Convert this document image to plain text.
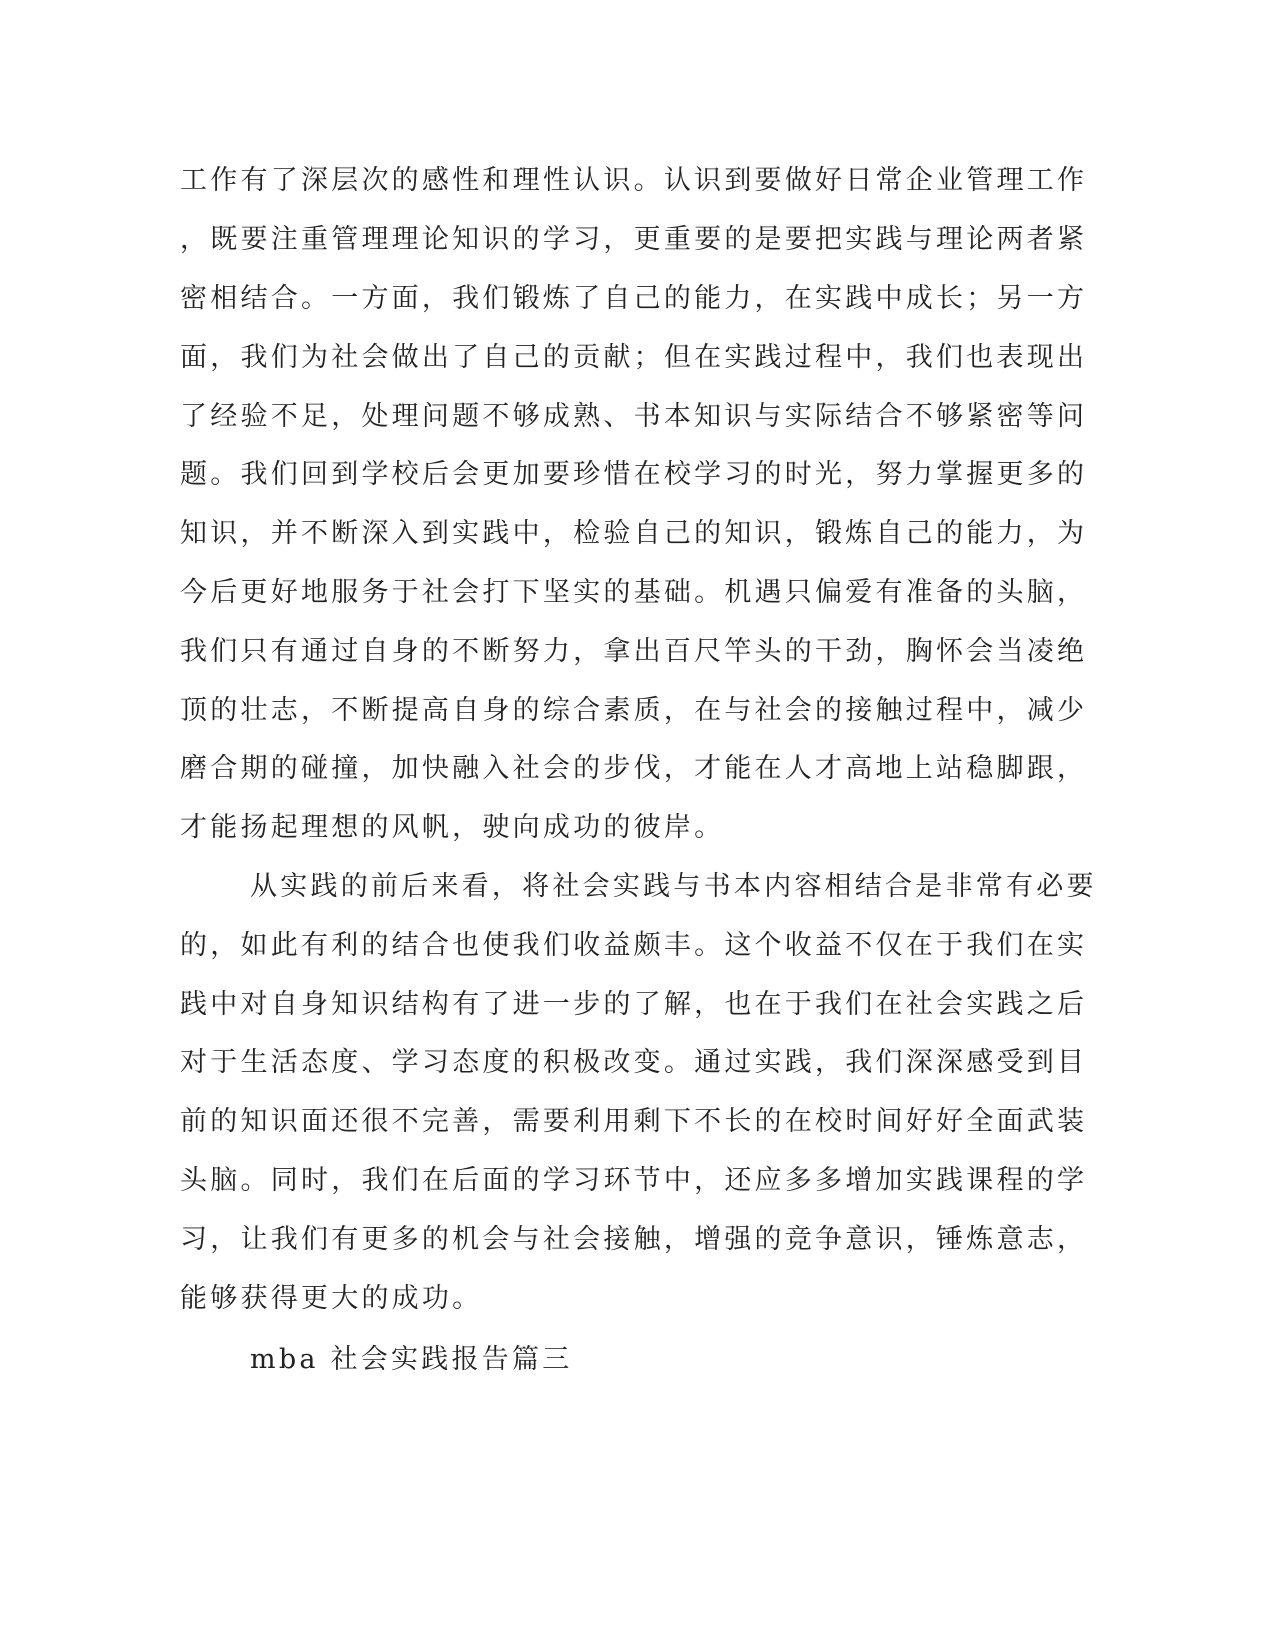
工作有了深层次的感性和理性认识。认识到要做好日常企业管理工作
，既要注重管理理论知识的学习，更重要的是要把实践与理论两者紧
密相结合。一方面，我们锻炼了自己的能力，在实践中成长；另一方
面，我们为社会做出了自己的贡献；但在实践过程中，我们也表现出
了经验不足，处理问题不够成熟、书本知识与实际结合不够紧密等问
题。我们回到学校后会更加要珍惜在校学习的时光，努力掌握更多的
知识，并不断深入到实践中，检验自己的知识，锻炼自己的能力，为
今后更好地服务于社会打下坚实的基础。机遇只偏爱有准备的头脑，
我们只有通过自身的不断努力，拿出百尺竿头的干劲，胸怀会当凌绝
顶的壮志，不断提高自身的综合素质，在与社会的接触过程中，减少
磨合期的碰撞，加快融入社会的步伐，才能在人才高地上站稳脚跟，
才能扬起理想的风帆，驶向成功的彼岸。
从实践的前后来看，将社会实践与书本内容相结合是非常有必要
的，如此有利的结合也使我们收益颇丰。这个收益不仅在于我们在实
践中对自身知识结构有了进一步的了解，也在于我们在社会实践之后
对于生活态度、学习态度的积极改变。通过实践，我们深深感受到目
前的知识面还很不完善，需要利用剩下不长的在校时间好好全面武装
头脑。同时，我们在后面的学习环节中，还应多多增加实践课程的学
习，让我们有更多的机会与社会接触，增强的竞争意识，锤炼意志，
能够获得更大的成功。
mba 社会实践报告篇三
